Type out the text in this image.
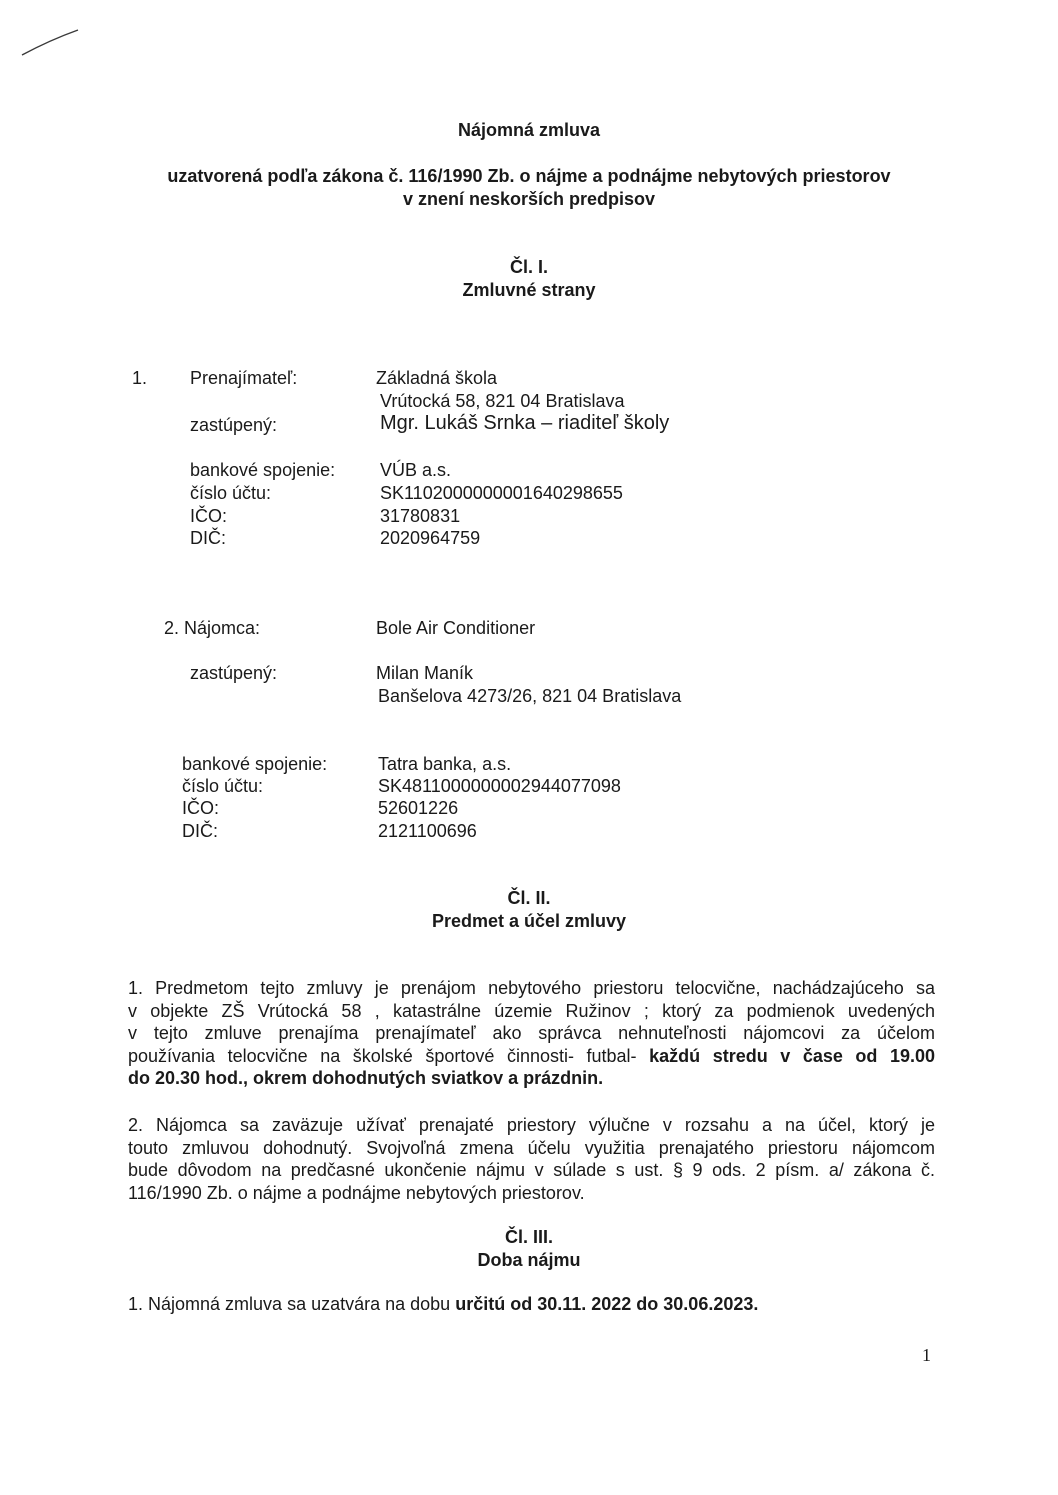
Nájomná zmluva
uzatvorená podľa zákona č. 116/1990 Zb. o nájme a podnájme nebytových priestorov
v znení neskorších predpisov
Čl. I.
Zmluvné strany
1. Prenajímateľ:	Základná škola
Vrútocká 58, 821 04 Bratislava
zastúpený:	Mgr. Lukáš Srnka – riaditeľ školy
bankové spojenie: VÚB a.s.
číslo účtu:	SK1102000000001640298655
IČO:	31780831
DIČ:	2020964759
2. Nájomca:	Bole Air Conditioner
zastúpený:	Milan Maník
Banšelova 4273/26, 821 04 Bratislava
bankové spojenie:	Tatra banka, a.s.
číslo účtu:	SK4811000000002944077098
IČO:	52601226
DIČ:	2121100696
Čl. II.
Predmet a účel zmluvy
1. Predmetom tejto zmluvy je prenájom nebytového priestoru telocvične, nachádzajúceho sa
v objekte ZŠ Vrútocká 58 , katastrálne územie Ružinov ; ktorý za podmienok uvedených
v tejto zmluve prenajíma prenajímateľ ako správca nehnuteľnosti nájomcovi za účelom
používania telocvične na školské športové činnosti- futbal- každú stredu v čase od 19.00
do 20.30 hod., okrem dohodnutých sviatkov a prázdnin.
2. Nájomca sa zaväzuje užívať prenajaté priestory výlučne v rozsahu a na účel, ktorý je
touto zmluvou dohodnutý. Svojvoľná zmena účelu využitia prenajatého priestoru nájomcom
bude dôvodom na predčasné ukončenie nájmu v súlade s ust. § 9 ods. 2 písm. a/ zákona č.
116/1990 Zb. o nájme a podnájme nebytových priestorov.
Čl. III.
Doba nájmu
1. Nájomná zmluva sa uzatvára na dobu určitú od 30.11. 2022 do 30.06.2023.
1
